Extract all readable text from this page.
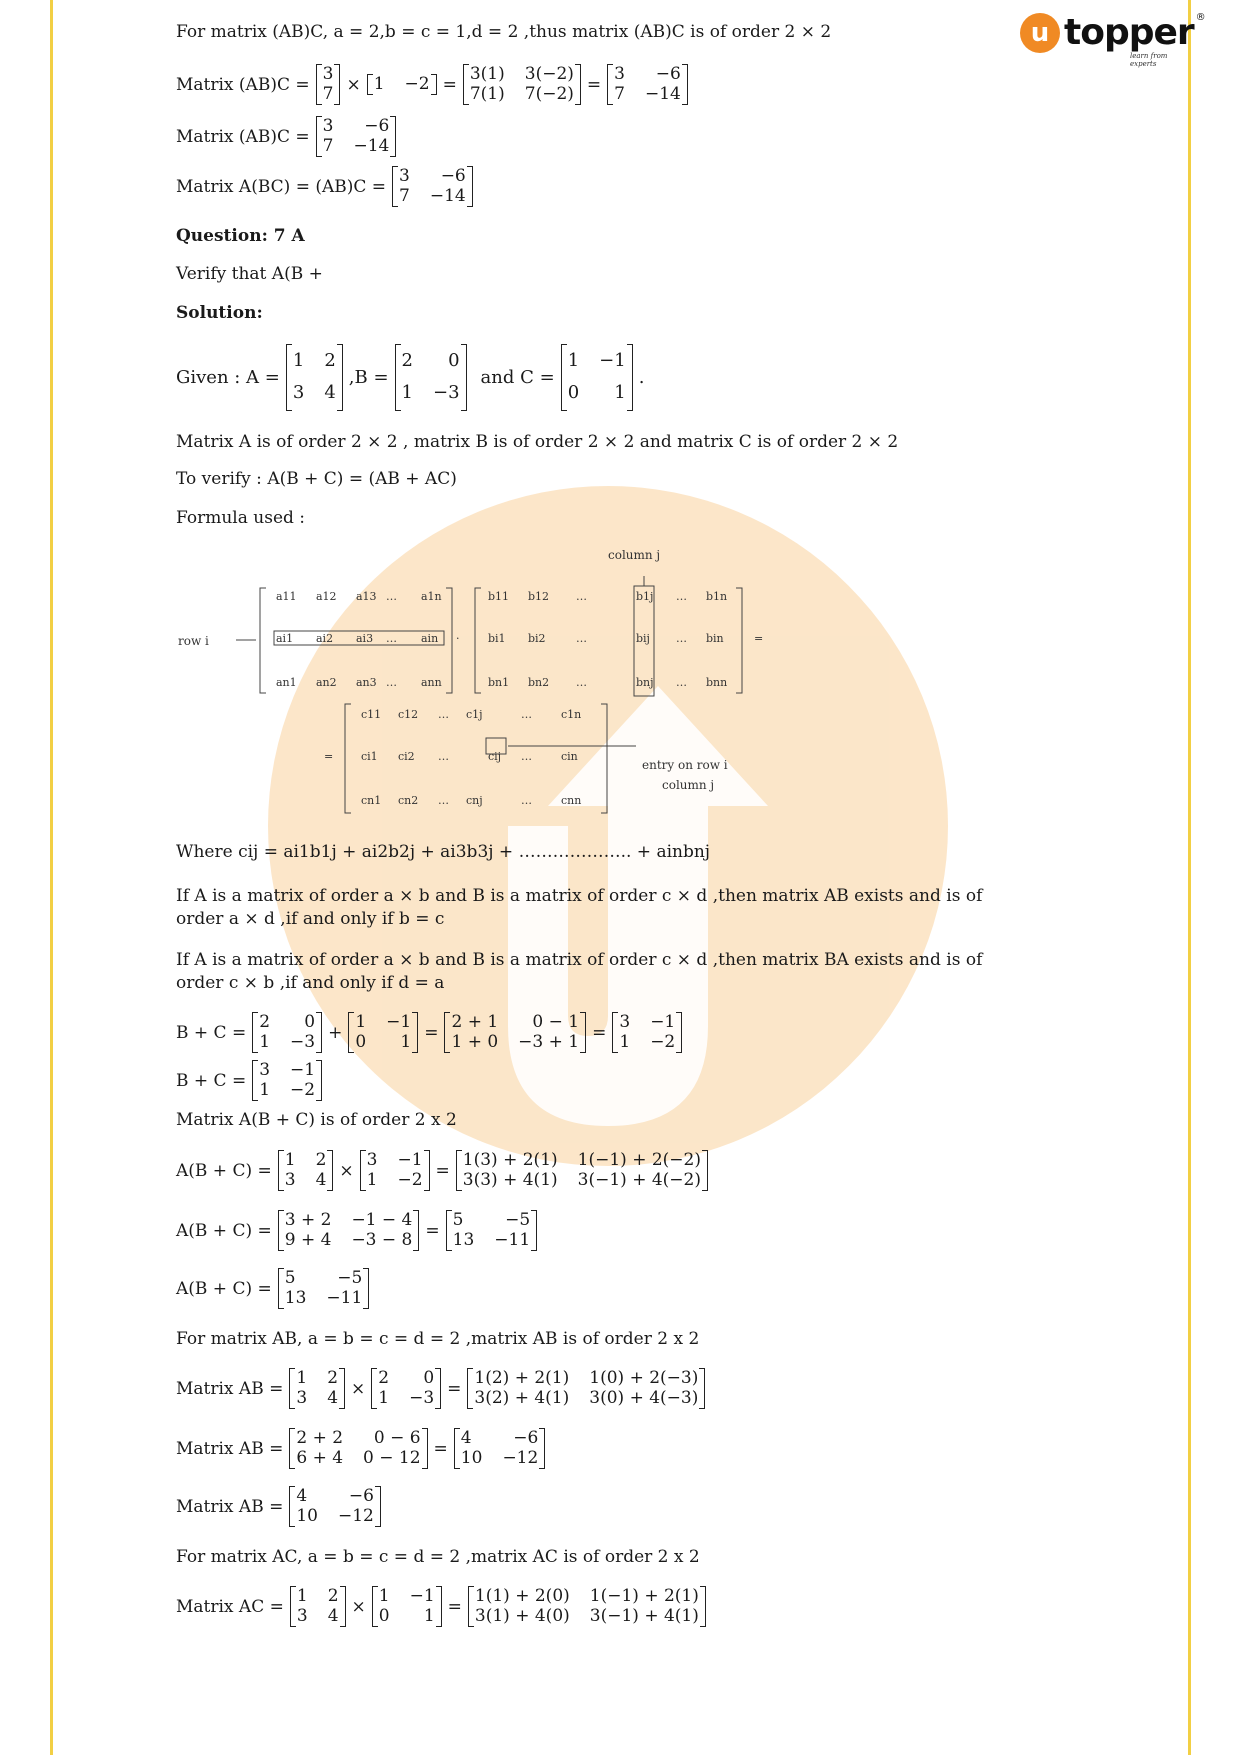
u topper ®
learn from experts
For matrix (AB)C, a = 2,b = c = 1,d = 2 ,thus matrix (AB)C is of order 2 × 2
Matrix (AB)C =
3
7 × 1 −2 =
3(1) 3(−2)
7(1) 7(−2) =
3 −6
7 −14
Matrix (AB)C =
3 −6
7 −14
Matrix A(BC) = (AB)C =
3 −6
7 −14
Question: 7 A
Verify that A(B +
Solution:
Given : A =
1 2
3 4
,B =
2 0
1 −3
and C =
1 −1
0 1
.
Matrix A is of order 2 × 2 , matrix B is of order 2 × 2 and matrix C is of order 2 × 2
To verify : A(B + C) = (AB + AC)
Formula used :
column j
row i
a11 a12 a13 … a1n
ai1 ai2 ai3 … ain
an1 an2 an3 … ann
·
b11 b12 …	b1j … b1n
bi1 bi2	…	bij … bin
bn1 bn2 …	bnj … bnn
=
=
c11 c12 … c1j	…	c1n
ci1 ci2 …	cij …	cin
cn1 cn2 … cnj	…	cnn
entry on row i
column j
Where cij = ai1b1j + ai2b2j + ai3b3j + ……………….. + ainbnj
If A is a matrix of order a × b and B is a matrix of order c × d ,then matrix AB exists and is of
order a × d ,if and only if b = c
If A is a matrix of order a × b and B is a matrix of order c × d ,then matrix BA exists and is of
order c × b ,if and only if d = a
B + C =
2 0
1 −3 +
1 −1
0 1 =
2 + 1 0 − 1
1 + 0 −3 + 1 =
3 −1
1 −2
B + C =
3 −1
1 −2
Matrix A(B + C) is of order 2 x 2
A(B + C) =
1 2
3 4 ×
3 −1
1 −2 =
1(3) + 2(1) 1(−1) + 2(−2)
3(3) + 4(1) 3(−1) + 4(−2)
A(B + C) =
3 + 2 −1 − 4
9 + 4 −3 − 8 =
5 −5
13 −11
A(B + C) =
5 −5
13 −11
For matrix AB, a = b = c = d = 2 ,matrix AB is of order 2 x 2
Matrix AB =
1 2
3 4 ×
2 0
1 −3 =
1(2) + 2(1) 1(0) + 2(−3)
3(2) + 4(1) 3(0) + 4(−3)
Matrix AB =
2 + 2 0 − 6
6 + 4 0 − 12 =
4 −6
10 −12
Matrix AB =
4 −6
10 −12
For matrix AC, a = b = c = d = 2 ,matrix AC is of order 2 x 2
Matrix AC =
1 2
3 4 ×
1 −1
0 1 =
1(1) + 2(0) 1(−1) + 2(1)
3(1) + 4(0) 3(−1) + 4(1)
